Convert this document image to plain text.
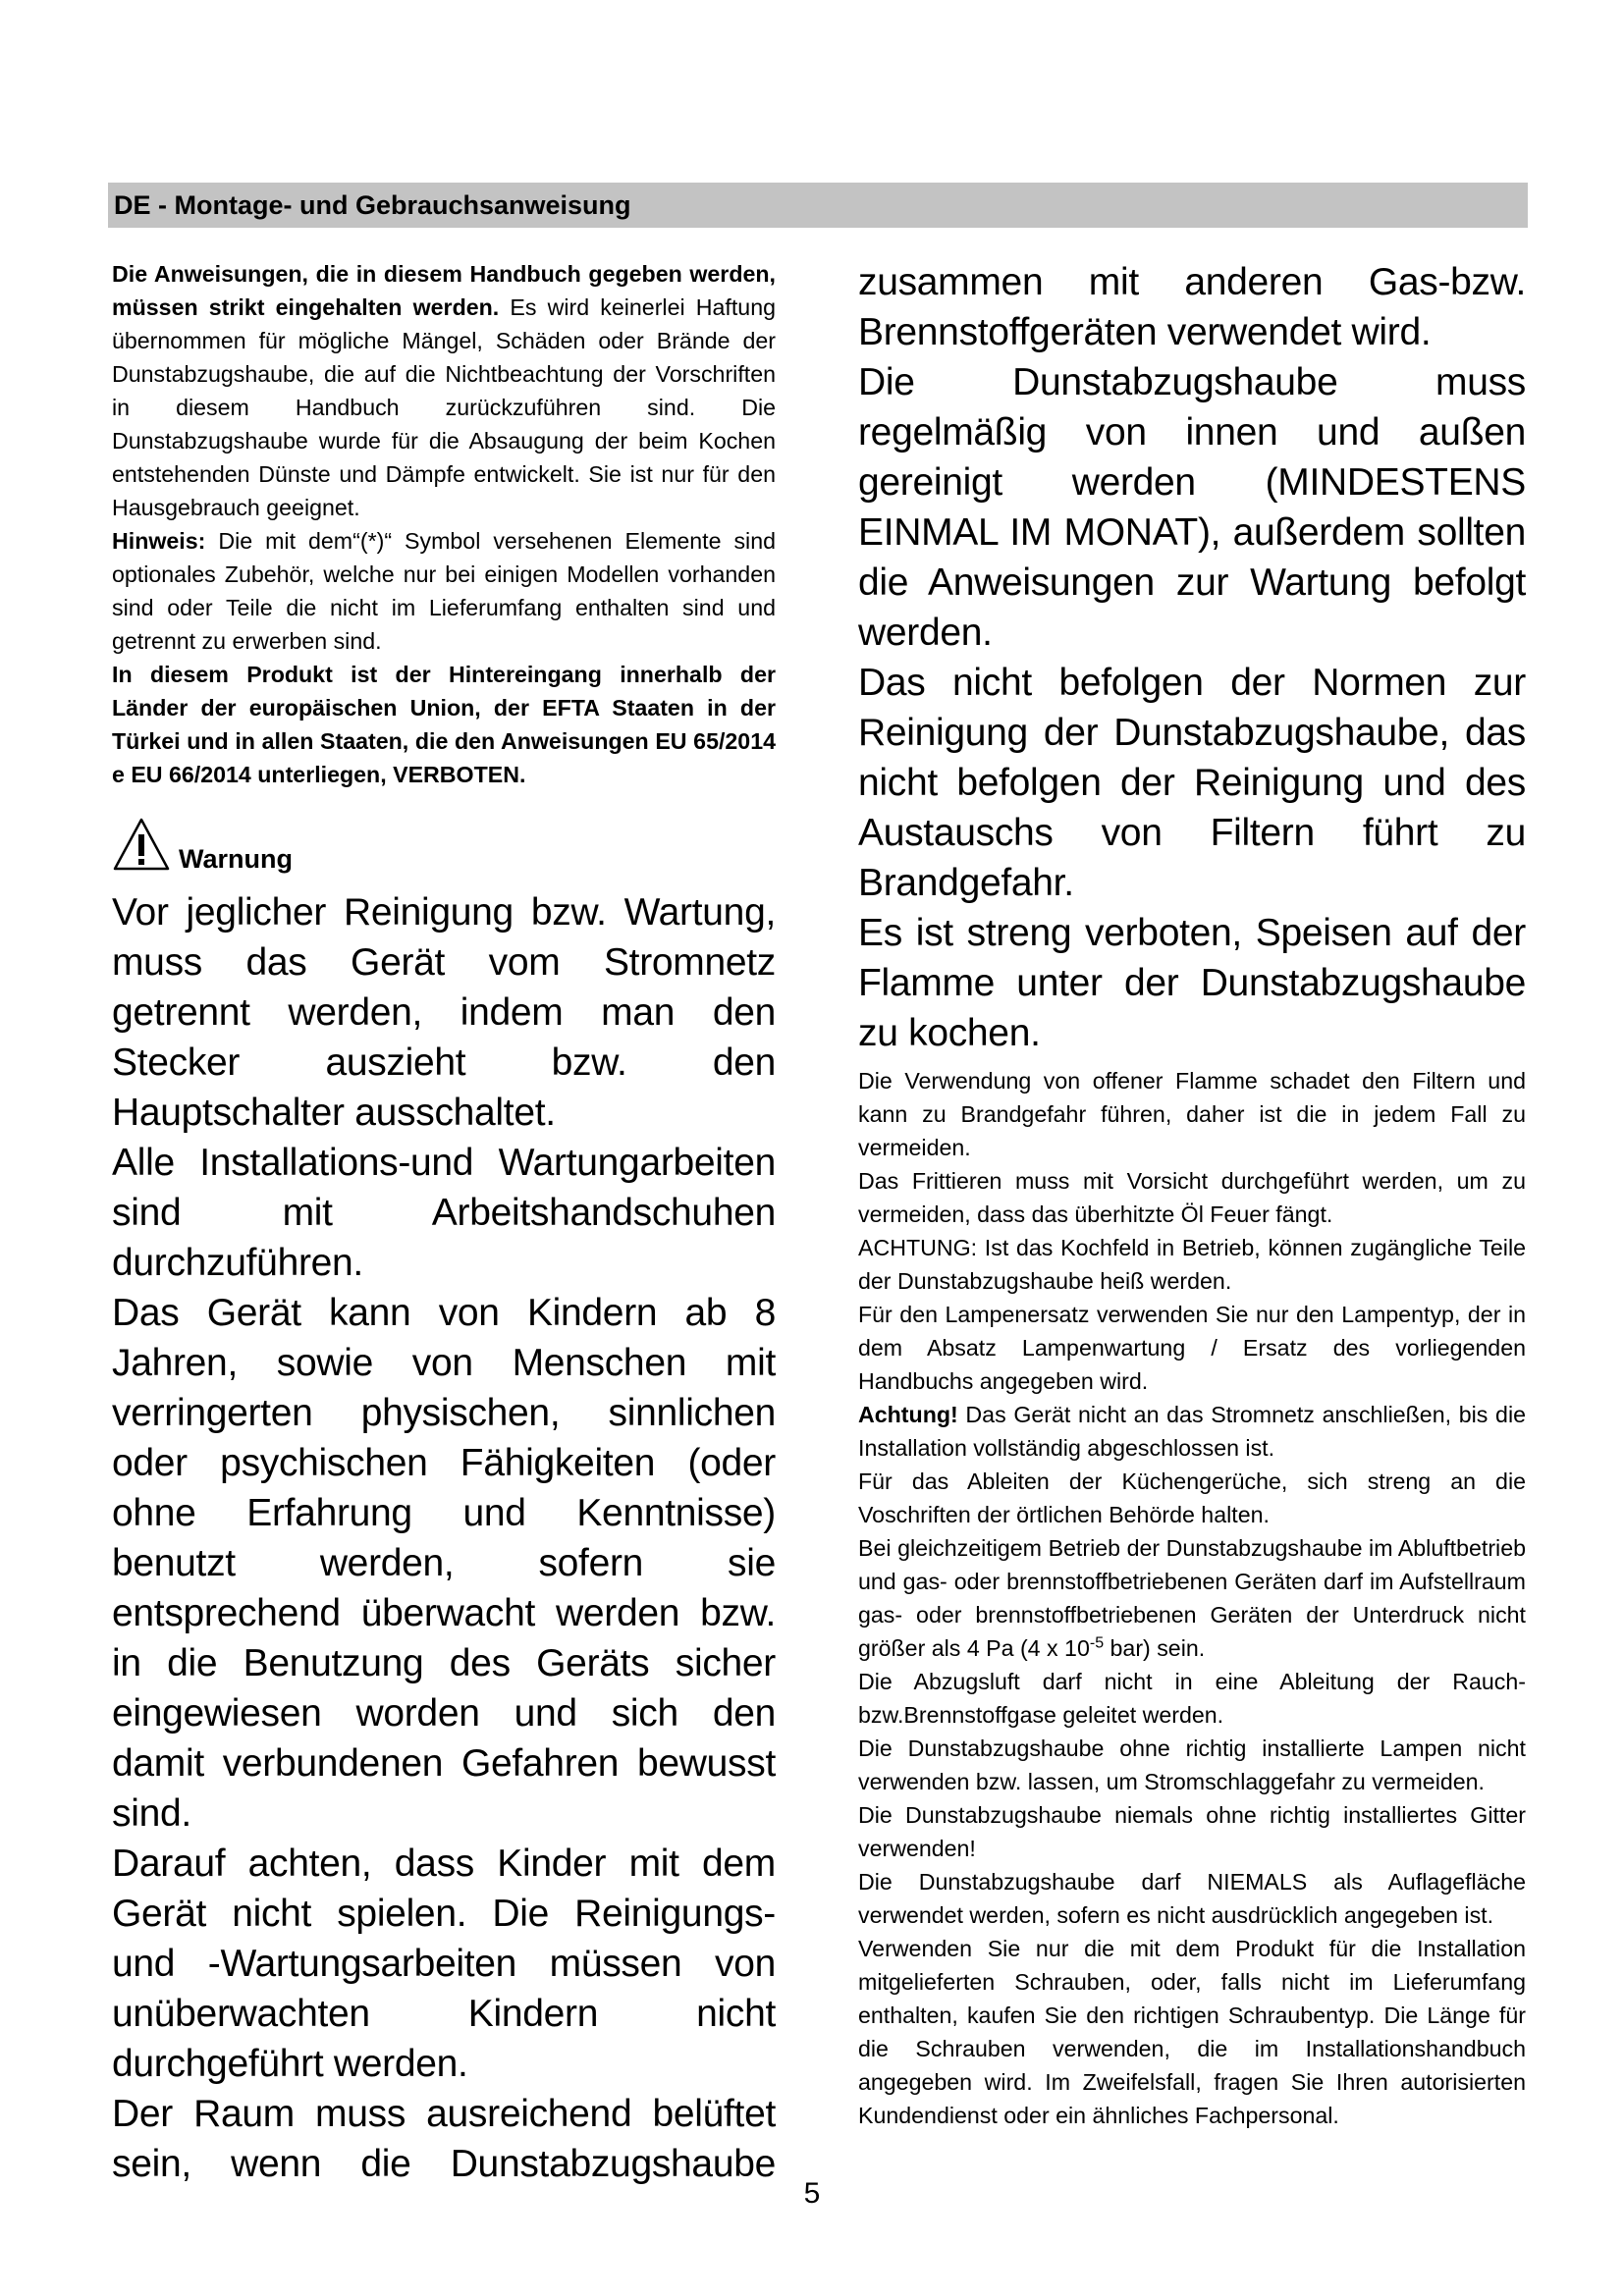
DE - Montage- und Gebrauchsanweisung

Die Anweisungen, die in diesem Handbuch gegeben werden, müssen strikt eingehalten werden. Es wird keinerlei Haftung übernommen für mögliche Mängel, Schäden oder Brände der Dunstabzugshaube, die auf die Nichtbeachtung der Vorschriften in diesem Handbuch zurückzuführen sind. Die Dunstabzugshaube wurde für die Absaugung der beim Kochen entstehenden Dünste und Dämpfe entwickelt. Sie ist nur für den Hausgebrauch geeignet.

Hinweis: Die mit dem“(*)“ Symbol versehenen Elemente sind optionales Zubehör, welche nur bei einigen Modellen vorhanden sind oder Teile die nicht im Lieferumfang enthalten sind und getrennt zu erwerben sind.

In diesem Produkt ist der Hintereingang innerhalb der Länder der europäischen Union, der EFTA Staaten in der Türkei und in allen Staaten, die den Anweisungen EU 65/2014 e EU 66/2014 unterliegen, VERBOTEN.

Warnung

Vor jeglicher Reinigung bzw. Wartung, muss das Gerät vom Stromnetz getrennt werden, indem man den Stecker auszieht bzw. den Hauptschalter ausschaltet.

Alle Installations-und Wartungarbeiten sind mit Arbeitshandschuhen durchzuführen.

Das Gerät kann von Kindern ab 8 Jahren, sowie von Menschen mit verringerten physischen, sinnlichen oder psychischen Fähigkeiten (oder ohne Erfahrung und Kenntnisse) benutzt werden, sofern sie entsprechend überwacht werden bzw. in die Benutzung des Geräts sicher eingewiesen worden und sich den damit verbundenen Gefahren bewusst sind.

Darauf achten, dass Kinder mit dem Gerät nicht spielen. Die Reinigungs- und -Wartungsarbeiten müssen von unüberwachten Kindern nicht durchgeführt werden.

Der Raum muss ausreichend belüftet sein, wenn die Dunstabzugshaube

zusammen mit anderen Gas-bzw. Brennstoffgeräten verwendet wird.

Die Dunstabzugshaube muss regelmäßig von innen und außen gereinigt werden (MINDESTENS EINMAL IM MONAT), außerdem sollten die Anweisungen zur Wartung befolgt werden.

Das nicht befolgen der Normen zur Reinigung der Dunstabzugshaube, das nicht befolgen der Reinigung und des Austauschs von Filtern führt zu Brandgefahr.

Es ist streng verboten, Speisen auf der Flamme unter der Dunstabzugshaube zu kochen.

Die Verwendung von offener Flamme schadet den Filtern und kann zu Brandgefahr führen, daher ist die in jedem Fall zu vermeiden.

Das Frittieren muss mit Vorsicht durchgeführt werden, um zu vermeiden, dass das überhitzte Öl Feuer fängt.

ACHTUNG: Ist das Kochfeld in Betrieb, können zugängliche Teile der Dunstabzugshaube heiß werden.

Für den Lampenersatz verwenden Sie nur den Lampentyp, der in dem Absatz Lampenwartung / Ersatz des vorliegenden Handbuchs angegeben wird.

Achtung! Das Gerät nicht an das Stromnetz anschließen, bis die Installation vollständig abgeschlossen ist.

Für das Ableiten der Küchengerüche, sich streng an die Voschriften der örtlichen Behörde halten.

Bei gleichzeitigem Betrieb der Dunstabzugshaube im Abluftbetrieb und gas- oder brennstoffbetriebenen Geräten darf im Aufstellraum gas- oder brennstoffbetriebenen Geräten der Unterdruck nicht größer als 4 Pa (4 x $10^{-5}$ bar) sein.

Die Abzugsluft darf nicht in eine Ableitung der Rauch- bzw.Brennstoffgase geleitet werden.

Die Dunstabzugshaube ohne richtig installierte Lampen nicht verwenden bzw. lassen, um Stromschlaggefahr zu vermeiden.

Die Dunstabzugshaube niemals ohne richtig installiertes Gitter verwenden!

Die Dunstabzugshaube darf NIEMALS als Auflagefläche verwendet werden, sofern es nicht ausdrücklich angegeben ist.

Verwenden Sie nur die mit dem Produkt für die Installation mitgelieferten Schrauben, oder, falls nicht im Lieferumfang enthalten, kaufen Sie den richtigen Schraubentyp. Die Länge für die Schrauben verwenden, die im Installationshandbuch angegeben wird. Im Zweifelsfall, fragen Sie Ihren autorisierten Kundendienst oder ein ähnliches Fachpersonal.

5
